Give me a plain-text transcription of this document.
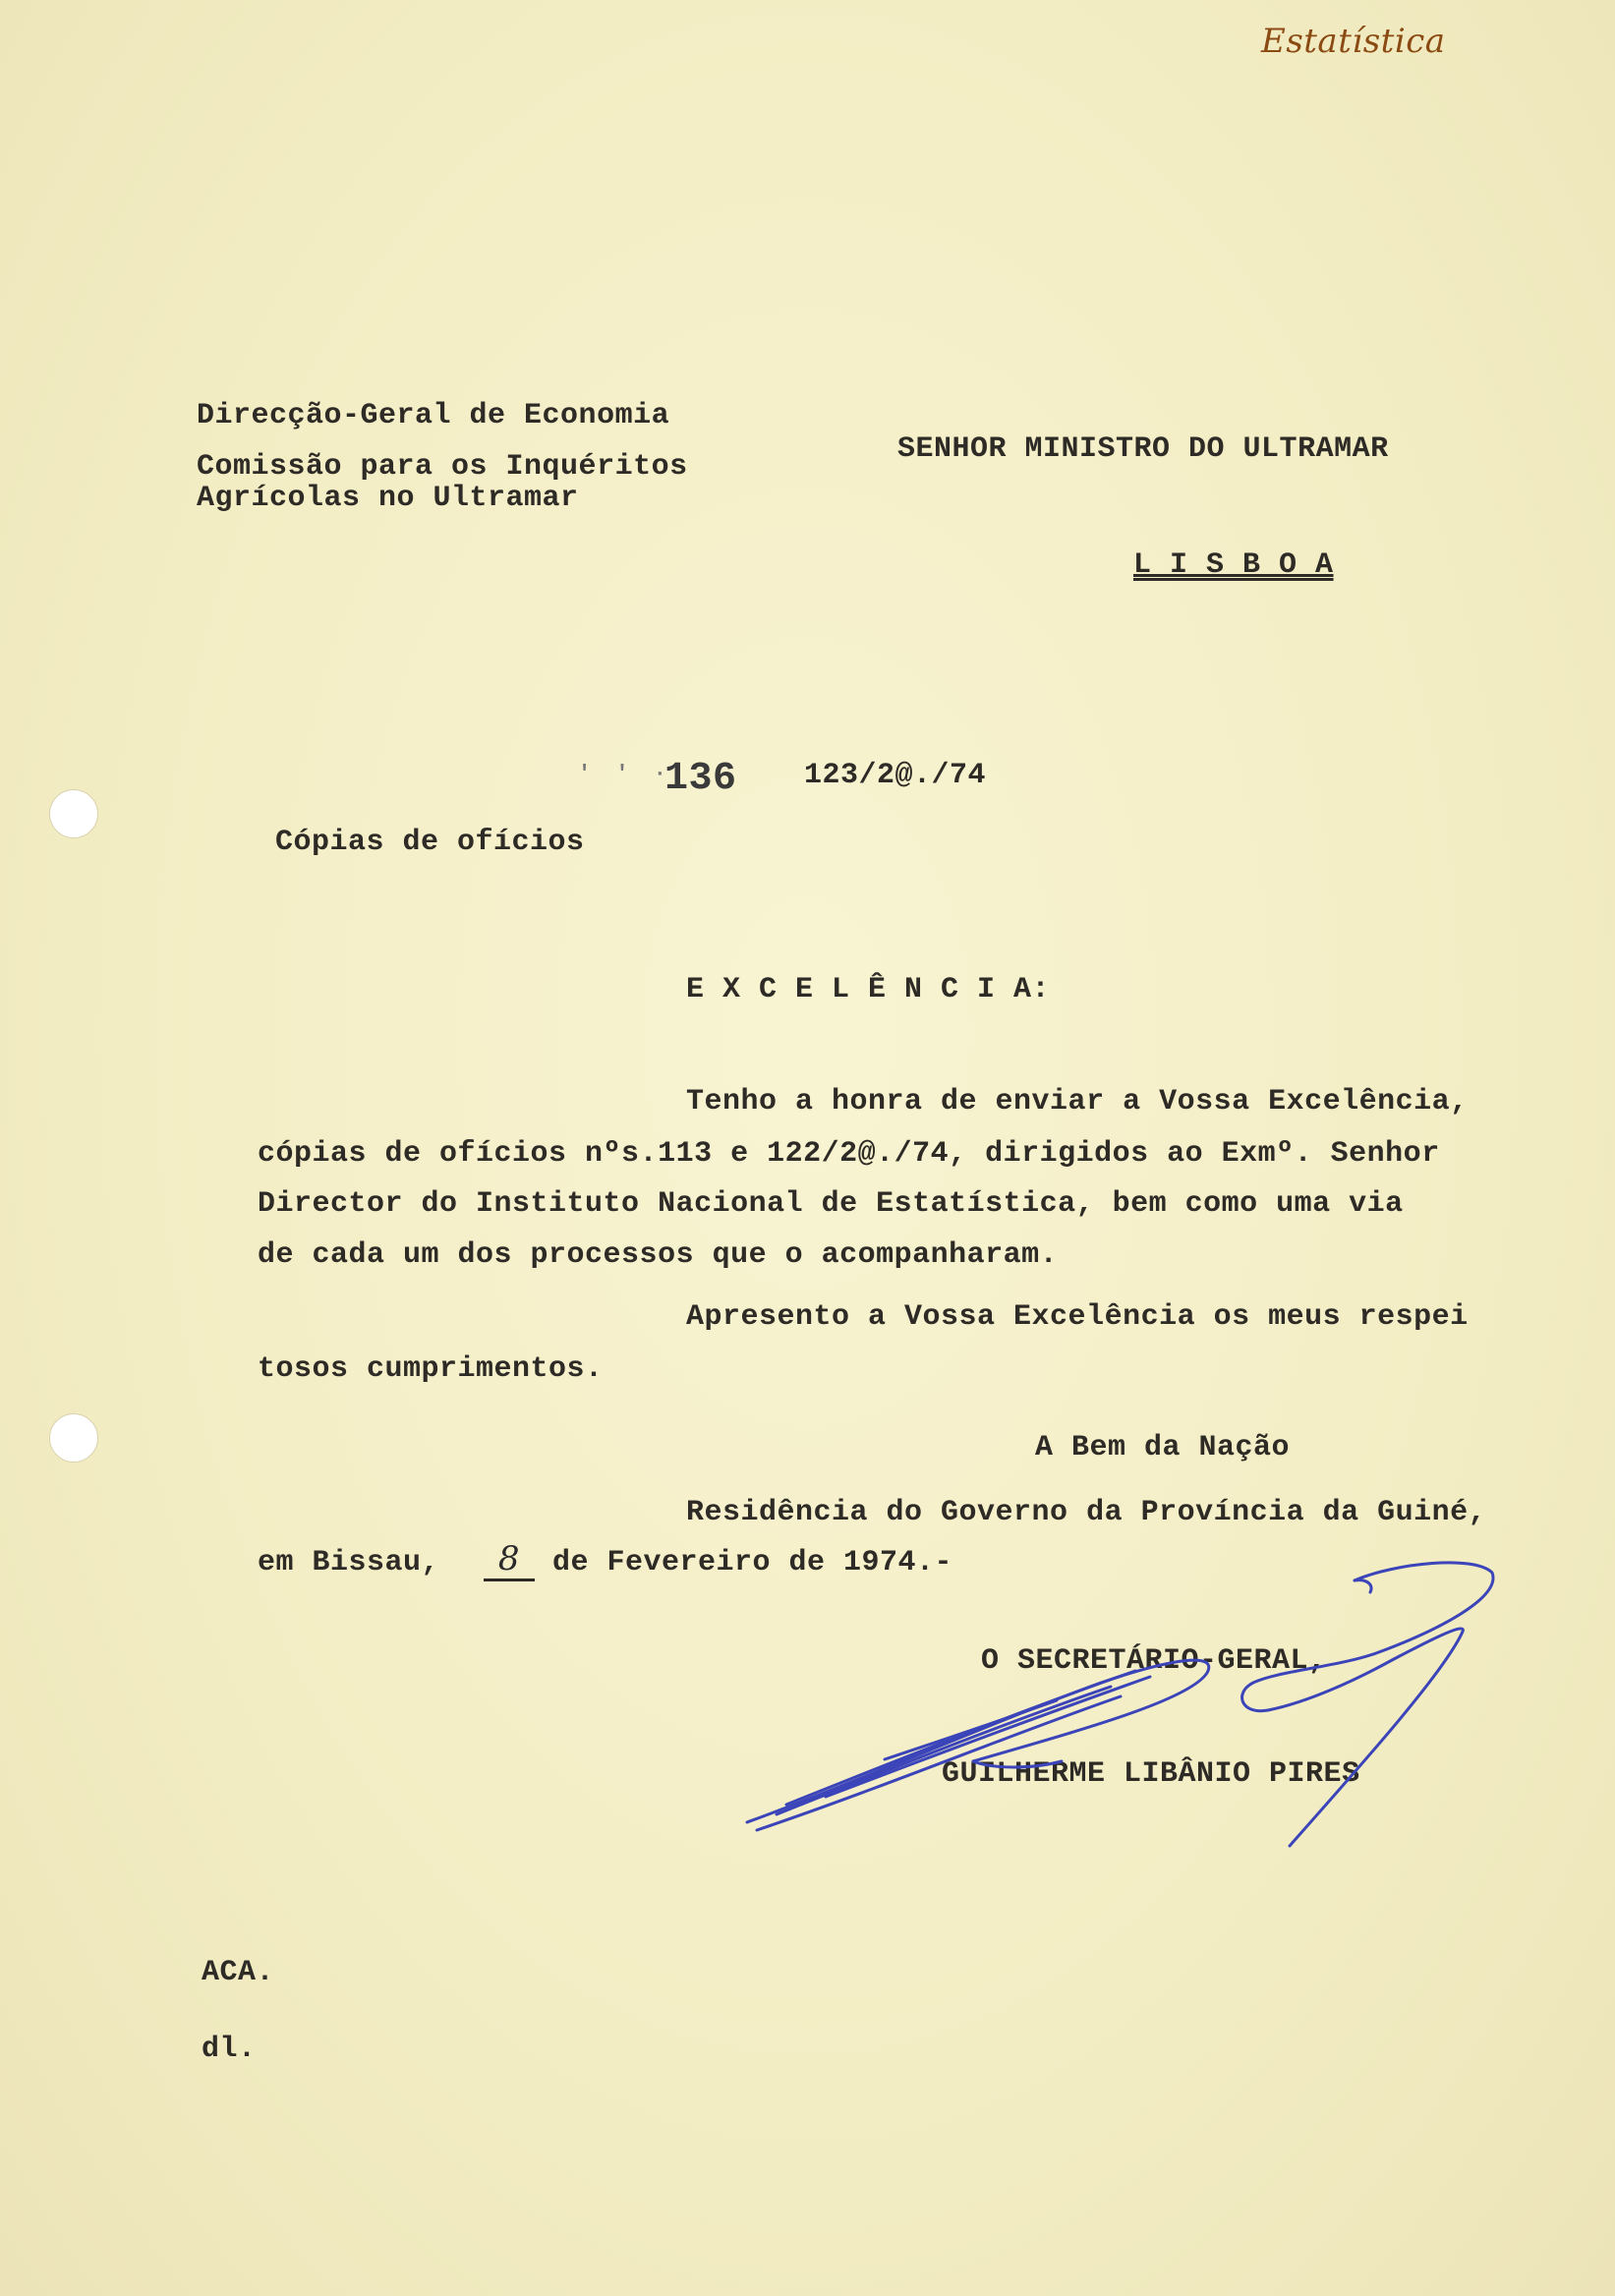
Estatística
Direcção-Geral de Economia
Comissão para os Inquéritos
Agrícolas no Ultramar
SENHOR MINISTRO DO ULTRAMAR
L I S B O A
' ' ·
136 123/2@./74
Cópias de ofícios
E X C E L Ê N C I A:
Tenho a honra de enviar a Vossa Excelência,
cópias de ofícios nºs.113 e 122/2@./74, dirigidos ao Exmº. Senhor
Director do Instituto Nacional de Estatística, bem como uma via
de cada um dos processos que o acompanharam.
Apresento a Vossa Excelência os meus respei
tosos cumprimentos.
A Bem da Nação
Residência do Governo da Província da Guiné,
em Bissau,	8	de Fevereiro de 1974.-
O SECRETÁRIO-GERAL,
GUILHERME LIBÂNIO PIRES
ACA.
dl.
